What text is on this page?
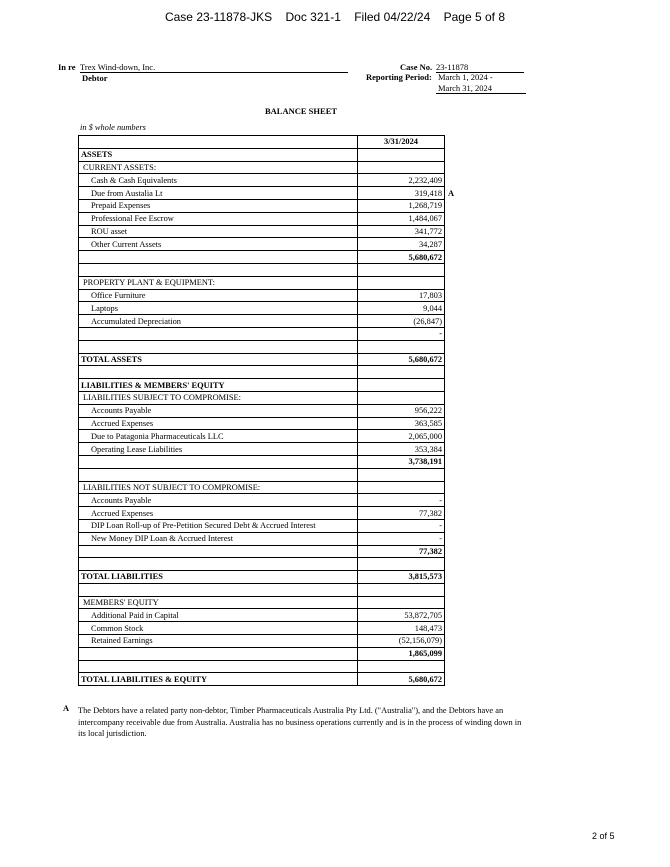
Case 23-11878-JKS Doc 321-1 Filed 04/22/24 Page 5 of 8
In re Trex Wind-down, Inc.
Debtor
Case No. 23-11878
Reporting Period: March 1, 2024 -
March 31, 2024
BALANCE SHEET
in $ whole numbers
	3/31/2024	
ASSETS		
CURRENT ASSETS:		
Cash & Cash Equivalents	2,232,409	
Due from Austalia Lt	319,418	A
Prepaid Expenses	1,268,719	
Professional Fee Escrow	1,484,067	
ROU asset	341,772	
Other Current Assets	34,287	
	5,680,672	

PROPERTY PLANT & EQUIPMENT:		
Office Furniture	17,803	
Laptops	9,044	
Accumulated Depreciation	(26,847)	
	-	

TOTAL ASSETS	5,680,672	

LIABILITIES & MEMBERS' EQUITY		
LIABILITIES SUBJECT TO COMPROMISE:		
Accounts Payable	956,222	
Accrued Expenses	363,585	
Due to Patagonia Pharmaceuticals LLC	2,065,000	
Operating Lease Liabilities	353,384	
	3,738,191	

LIABILITIES NOT SUBJECT TO COMPROMISE:		
Accounts Payable	-	
Accrued Expenses	77,382	
DIP Loan Roll-up of Pre-Petition Secured Debt & Accrued Interest	-	
New Money DIP Loan & Accrued Interest	-	
	77,382	

TOTAL LIABILITIES	3,815,573	

MEMBERS' EQUITY		
Additional Paid in Capital	53,872,705	
Common Stock	148,473	
Retained Earnings	(52,156,079)	
	1,865,099	

TOTAL LIABILITIES & EQUITY	5,680,672	
A The Debtors have a related party non-debtor, Timber Pharmaceuticals Australia Pty Ltd. ("Australia"), and the Debtors have an intercompany receivable due from Australia. Australia has no business operations currently and is in the process of winding down in its local jurisdiction.
2 of 5
